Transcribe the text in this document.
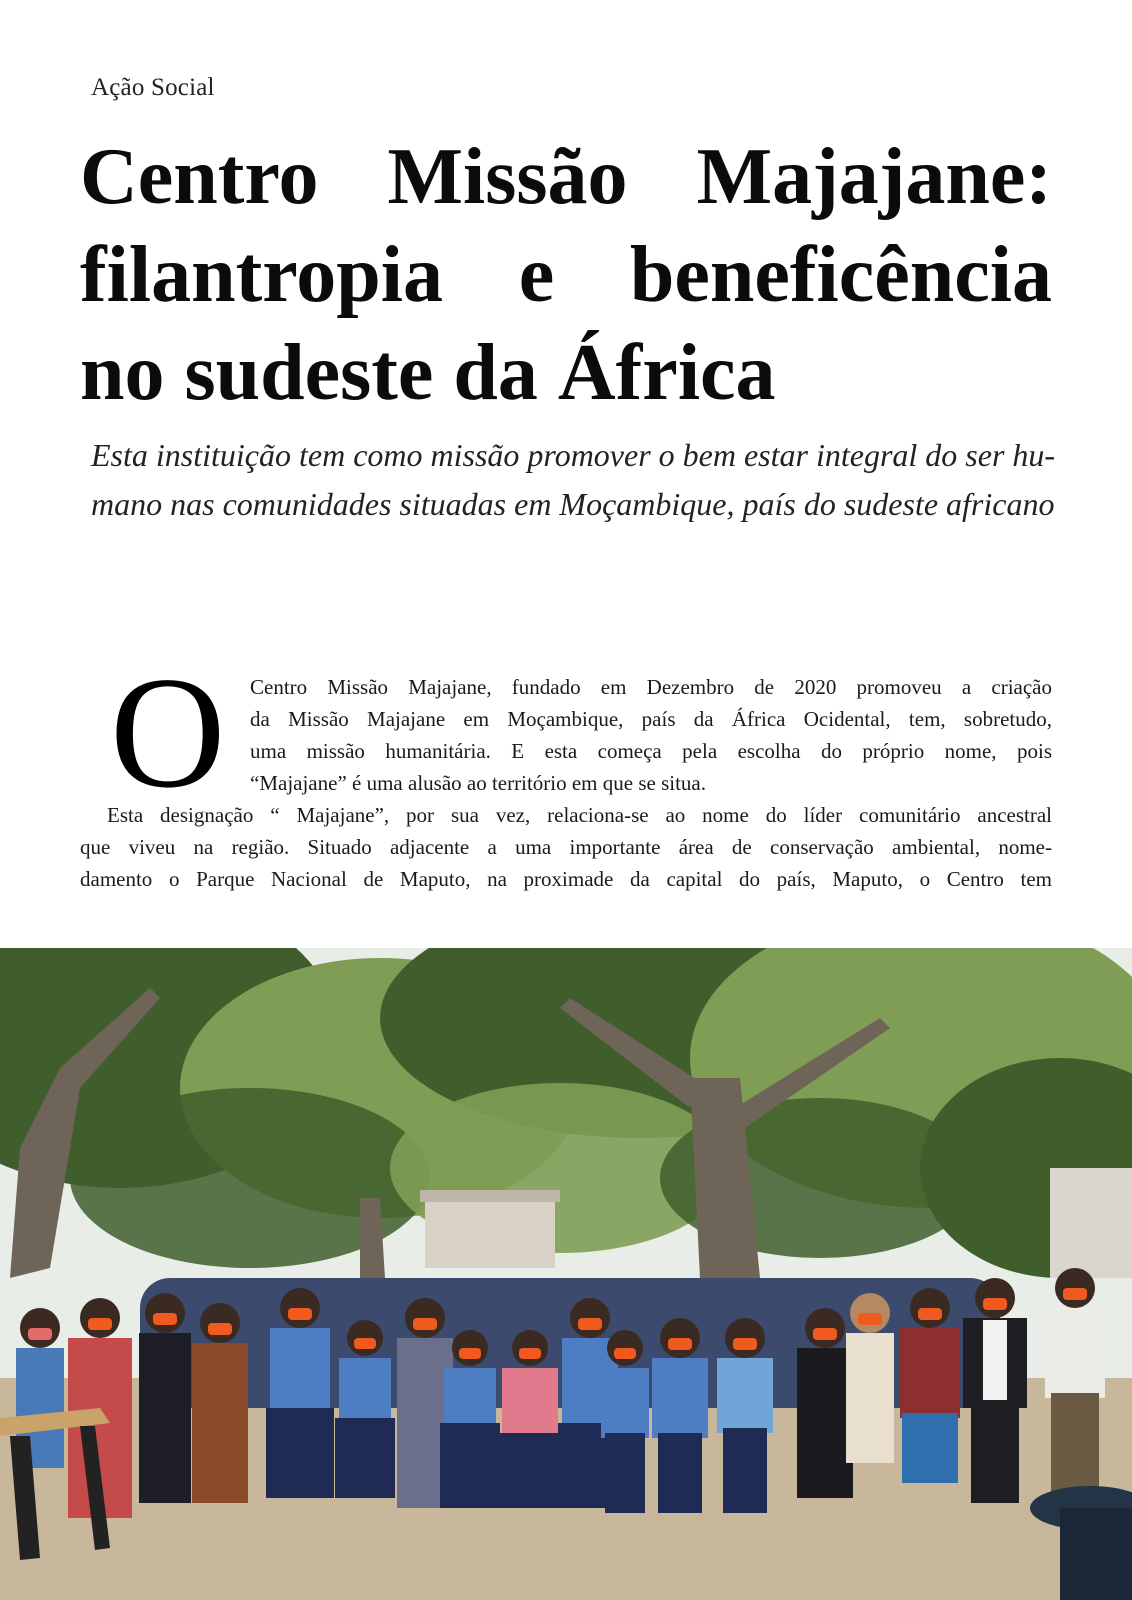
Ação Social
Centro Missão Majajane:
filantropia e beneficência
no sudeste da África
Esta instituição tem como missão promover o bem estar integral do ser hu-
mano nas comunidades situadas em Moçambique, país do sudeste africano
O Centro Missão Majajane, fundado em Dezembro de 2020 promoveu a criação
da Missão Majajane em Moçambique, país da África Ocidental, tem, sobretudo,
uma missão humanitária. E esta começa pela escolha do próprio nome, pois
“Majajane” é uma alusão ao território em que se situa.
Esta designação “ Majajane”, por sua vez, relaciona-se ao nome do líder comunitário ancestral
que viveu na região. Situado adjacente a uma importante área de conservação ambiental, nome-
damento o Parque Nacional de Maputo, na proximade da capital do país, Maputo, o Centro tem
